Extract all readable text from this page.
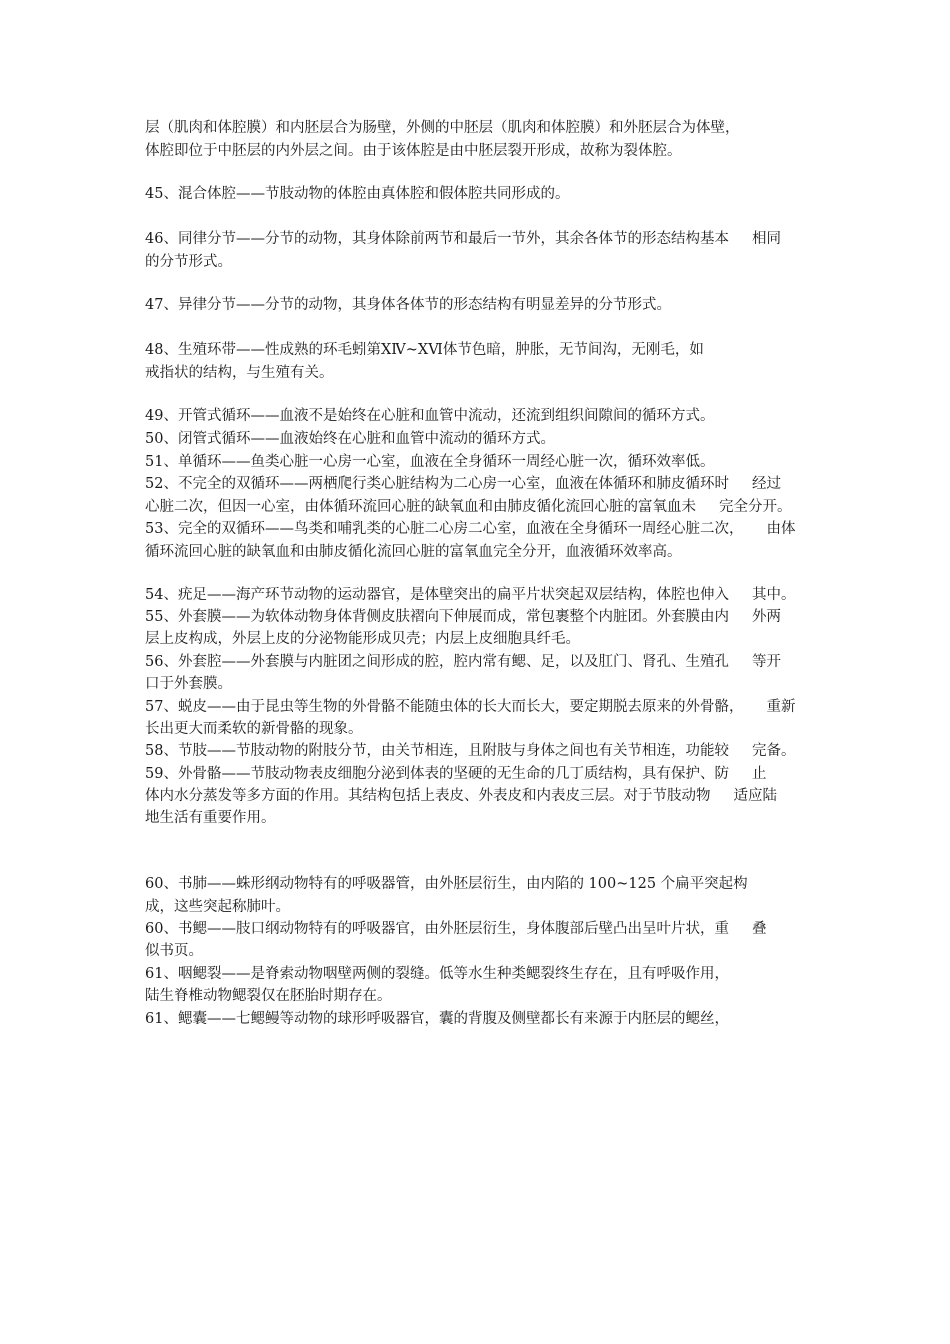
层（肌肉和体腔膜）和内胚层合为肠壁，外侧的中胚层（肌肉和体腔膜）和外胚层合为体壁，
体腔即位于中胚层的内外层之间。由于该体腔是由中胚层裂开形成，故称为裂体腔。
45、混合体腔——节肢动物的体腔由真体腔和假体腔共同形成的。
46、同律分节——分节的动物，其身体除前两节和最后一节外，其余各体节的形态结构基本     相同
的分节形式。
47、异律分节——分节的动物，其身体各体节的形态结构有明显差异的分节形式。
48、生殖环带——性成熟的环毛蚓第ⅩⅣ~ⅩⅥ体节色暗，肿胀，无节间沟，无刚毛，如
戒指状的结构，与生殖有关。
49、开管式循环——血液不是始终在心脏和血管中流动，还流到组织间隙间的循环方式。
50、闭管式循环——血液始终在心脏和血管中流动的循环方式。
51、单循环——鱼类心脏一心房一心室，血液在全身循环一周经心脏一次，循环效率低。
52、不完全的双循环——两栖爬行类心脏结构为二心房一心室，血液在体循环和肺皮循环时     经过
心脏二次，但因一心室，由体循环流回心脏的缺氧血和由肺皮循化流回心脏的富氧血未     完全分开。
53、完全的双循环——鸟类和哺乳类的心脏二心房二心室，血液在全身循环一周经心脏二次，     由体
循环流回心脏的缺氧血和由肺皮循化流回心脏的富氧血完全分开，血液循环效率高。
54、疣足——海产环节动物的运动器官，是体壁突出的扁平片状突起双层结构，体腔也伸入     其中。
55、外套膜——为软体动物身体背侧皮肤褶向下伸展而成，常包裹整个内脏团。外套膜由内     外两
层上皮构成，外层上皮的分泌物能形成贝壳；内层上皮细胞具纤毛。
56、外套腔——外套膜与内脏团之间形成的腔，腔内常有鳃、足，以及肛门、肾孔、生殖孔     等开
口于外套膜。
57、蜕皮——由于昆虫等生物的外骨骼不能随虫体的长大而长大，要定期脱去原来的外骨骼，     重新
长出更大而柔软的新骨骼的现象。
58、节肢——节肢动物的附肢分节，由关节相连，且附肢与身体之间也有关节相连，功能较     完备。
59、外骨骼——节肢动物表皮细胞分泌到体表的坚硬的无生命的几丁质结构，具有保护、防     止
体内水分蒸发等多方面的作用。其结构包括上表皮、外表皮和内表皮三层。对于节肢动物     适应陆
地生活有重要作用。
60、书肺——蛛形纲动物特有的呼吸器管，由外胚层衍生，由内陷的 100~125 个扁平突起构
成，这些突起称肺叶。
60、书鳃——肢口纲动物特有的呼吸器官，由外胚层衍生，身体腹部后壁凸出呈叶片状，重     叠
似书页。
61、咽鳃裂——是脊索动物咽壁两侧的裂缝。低等水生种类鳃裂终生存在，且有呼吸作用，
陆生脊椎动物鳃裂仅在胚胎时期存在。
61、鳃囊——七鳃鳗等动物的球形呼吸器官，囊的背腹及侧壁都长有来源于内胚层的鳃丝，
